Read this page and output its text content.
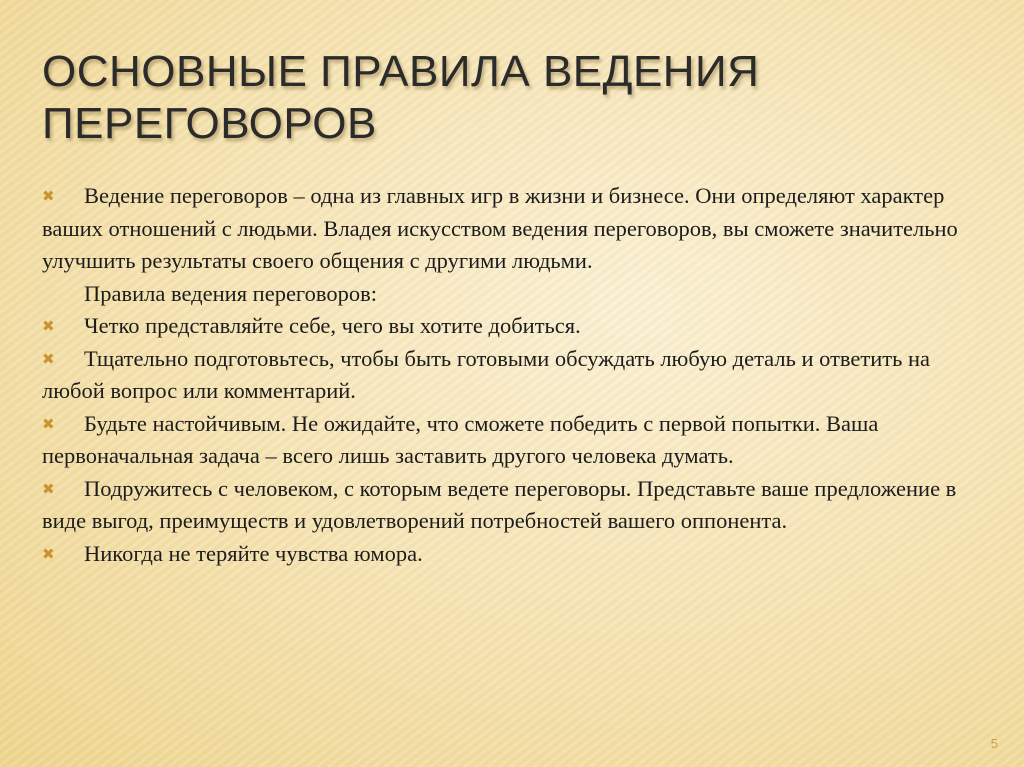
ОСНОВНЫЕ ПРАВИЛА ВЕДЕНИЯ
ПЕРЕГОВОРОВ

✖ Ведение переговоров – одна из главных игр в жизни и бизнесе. Они определяют характер ваших отношений с людьми. Владея искусством ведения переговоров, вы сможете значительно улучшить результаты своего общения с другими людьми.

Правила ведения переговоров:

✖ Четко представляйте себе, чего вы хотите добиться.

✖ Тщательно подготовьтесь, чтобы быть готовыми обсуждать любую деталь и ответить на любой вопрос или комментарий.

✖ Будьте настойчивым. Не ожидайте, что сможете победить с первой попытки. Ваша первоначальная задача – всего лишь заставить другого человека думать.

✖ Подружитесь с человеком, с которым ведете переговоры. Представьте ваше предложение в виде выгод, преимуществ и удовлетворений потребностей вашего оппонента.

✖ Никогда не теряйте чувства юмора.

5
